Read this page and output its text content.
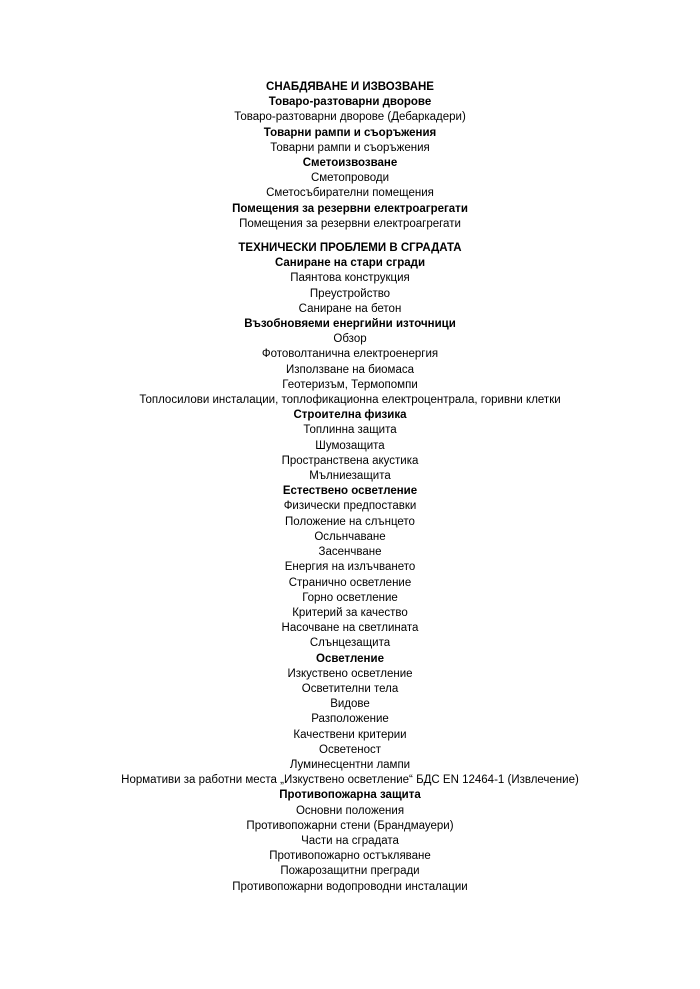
СНАБДЯВАНЕ И ИЗВОЗВАНЕ
Товаро-разтоварни дворове
Товаро-разтоварни дворове (Дебаркадери)
Товарни рампи и съоръжения
Товарни рампи и съоръжения
Сметоизвозване
Сметопроводи
Сметосъбирателни помещения
Помещения за резервни електроагрегати
Помещения за резервни електроагрегати
ТЕХНИЧЕСКИ ПРОБЛЕМИ В СГРАДАТА
Саниране на стари сгради
Паянтова конструкция
Преустройство
Саниране на бетон
Възобновяеми енергийни източници
Обзор
Фотоволтанична електроенергия
Използване на биомаса
Геотеризъм, Термопомпи
Топлосилови инсталации, топлофикационна електроцентрала, горивни клетки
Строителна физика
Топлинна защита
Шумозащита
Пространствена акустика
Мълниезащита
Естествено осветление
Физически предпоставки
Положение на слънцето
Осльнчаване
Засенчване
Енергия на излъчването
Странично осветление
Горно осветление
Критерий за качество
Насочване на светлината
Слънцезащита
Осветление
Изкуствено осветление
Осветителни тела
Видове
Разположение
Качествени критерии
Осветеност
Луминесцентни лампи
Нормативи за работни места „Изкуствено осветление“ БДС EN 12464-1 (Извлечение)
Противопожарна защита
Основни положения
Противопожарни стени (Брандмауери)
Части на сградата
Противопожарно остъкляване
Пожарозащитни прегради
Противопожарни водопроводни инсталации
